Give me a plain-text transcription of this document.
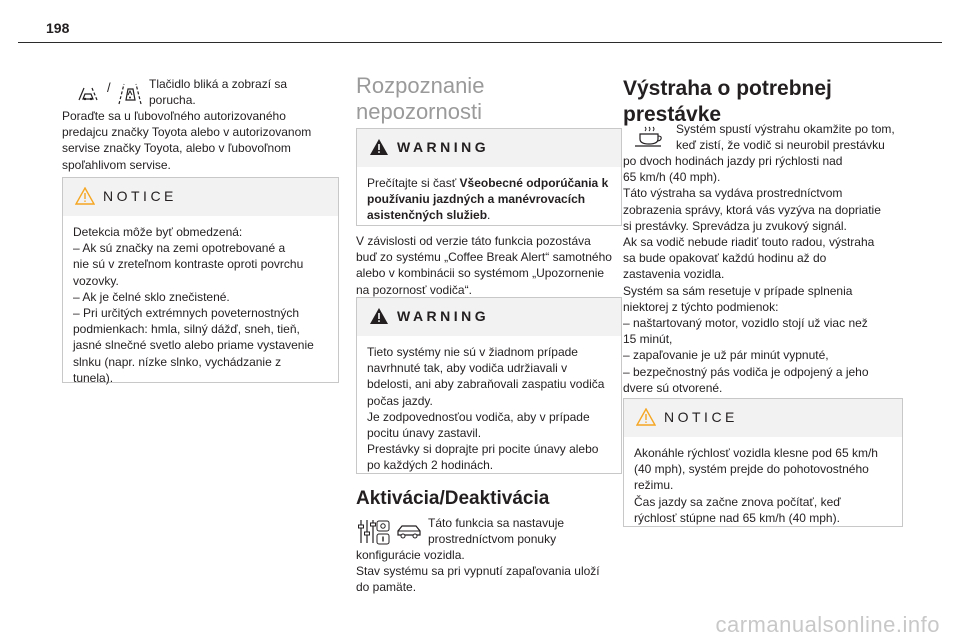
198
/	Tlačidlo bliká a zobrazí sa
porucha.

Poraďte sa u ľubovoľného autorizovaného
predajcu značky Toyota alebo v autorizovanom
servise značky Toyota, alebo v ľubovoľnom
spoľahlivom servise.

NOTICE
Detekcia môže byť obmedzená:
– Ak sú značky na zemi opotrebované a
nie sú v zreteľnom kontraste oproti povrchu
vozovky.
– Ak je čelné sklo znečistené.
– Pri určitých extrémnych poveternostných
podmienkach: hmla, silný dážď, sneh, tieň,
jasné slnečné svetlo alebo priame vystavenie
slnku (napr. nízke slnko, vychádzanie z
tunela).
Rozpoznanie
nepozornosti
WARNING
Prečítajte si časť Všeobecné odporúčania k
používaniu jazdných a manévrovacích
asistenčných služieb.

V závislosti od verzie táto funkcia pozostáva
buď zo systému „Coffee Break Alert“ samotného
alebo v kombinácii so systémom „Upozornenie
na pozornosť vodiča“.

WARNING
Tieto systémy nie sú v žiadnom prípade
navrhnuté tak, aby vodiča udržiavali v
bdelosti, ani aby zabraňovali zaspatiu vodiča
počas jazdy.
Je zodpovednosťou vodiča, aby v prípade
pocitu únavy zastavil.
Prestávky si doprajte pri pocite únavy alebo
po každých 2 hodinách.
Aktivácia/Deaktivácia

Táto funkcia sa nastavuje
prostredníctvom ponuky

konfigurácie vozidla.
Stav systému sa pri vypnutí zapaľovania uloží
do pamäte.

Výstraha o potrebnej
prestávke

Systém spustí výstrahu okamžite po tom,
keď zistí, že vodič si neurobil prestávku

po dvoch hodinách jazdy pri rýchlosti nad
65 km/h (40 mph).
Táto výstraha sa vydáva prostredníctvom
zobrazenia správy, ktorá vás vyzýva na dopriatie
si prestávky. Sprevádza ju zvukový signál.
Ak sa vodič nebude riadiť touto radou, výstraha
sa bude opakovať každú hodinu až do
zastavenia vozidla.
Systém sa sám resetuje v prípade splnenia
niektorej z týchto podmienok:
– naštartovaný motor, vozidlo stojí už viac než
15 minút,
– zapaľovanie je už pár minút vypnuté,
– bezpečnostný pás vodiča je odpojený a jeho
dvere sú otvorené.

NOTICE
Akonáhle rýchlosť vozidla klesne pod 65 km/h
(40 mph), systém prejde do pohotovostného
režimu.
Čas jazdy sa začne znova počítať, keď
rýchlosť stúpne nad 65 km/h (40 mph).
carmanualsonline.info
